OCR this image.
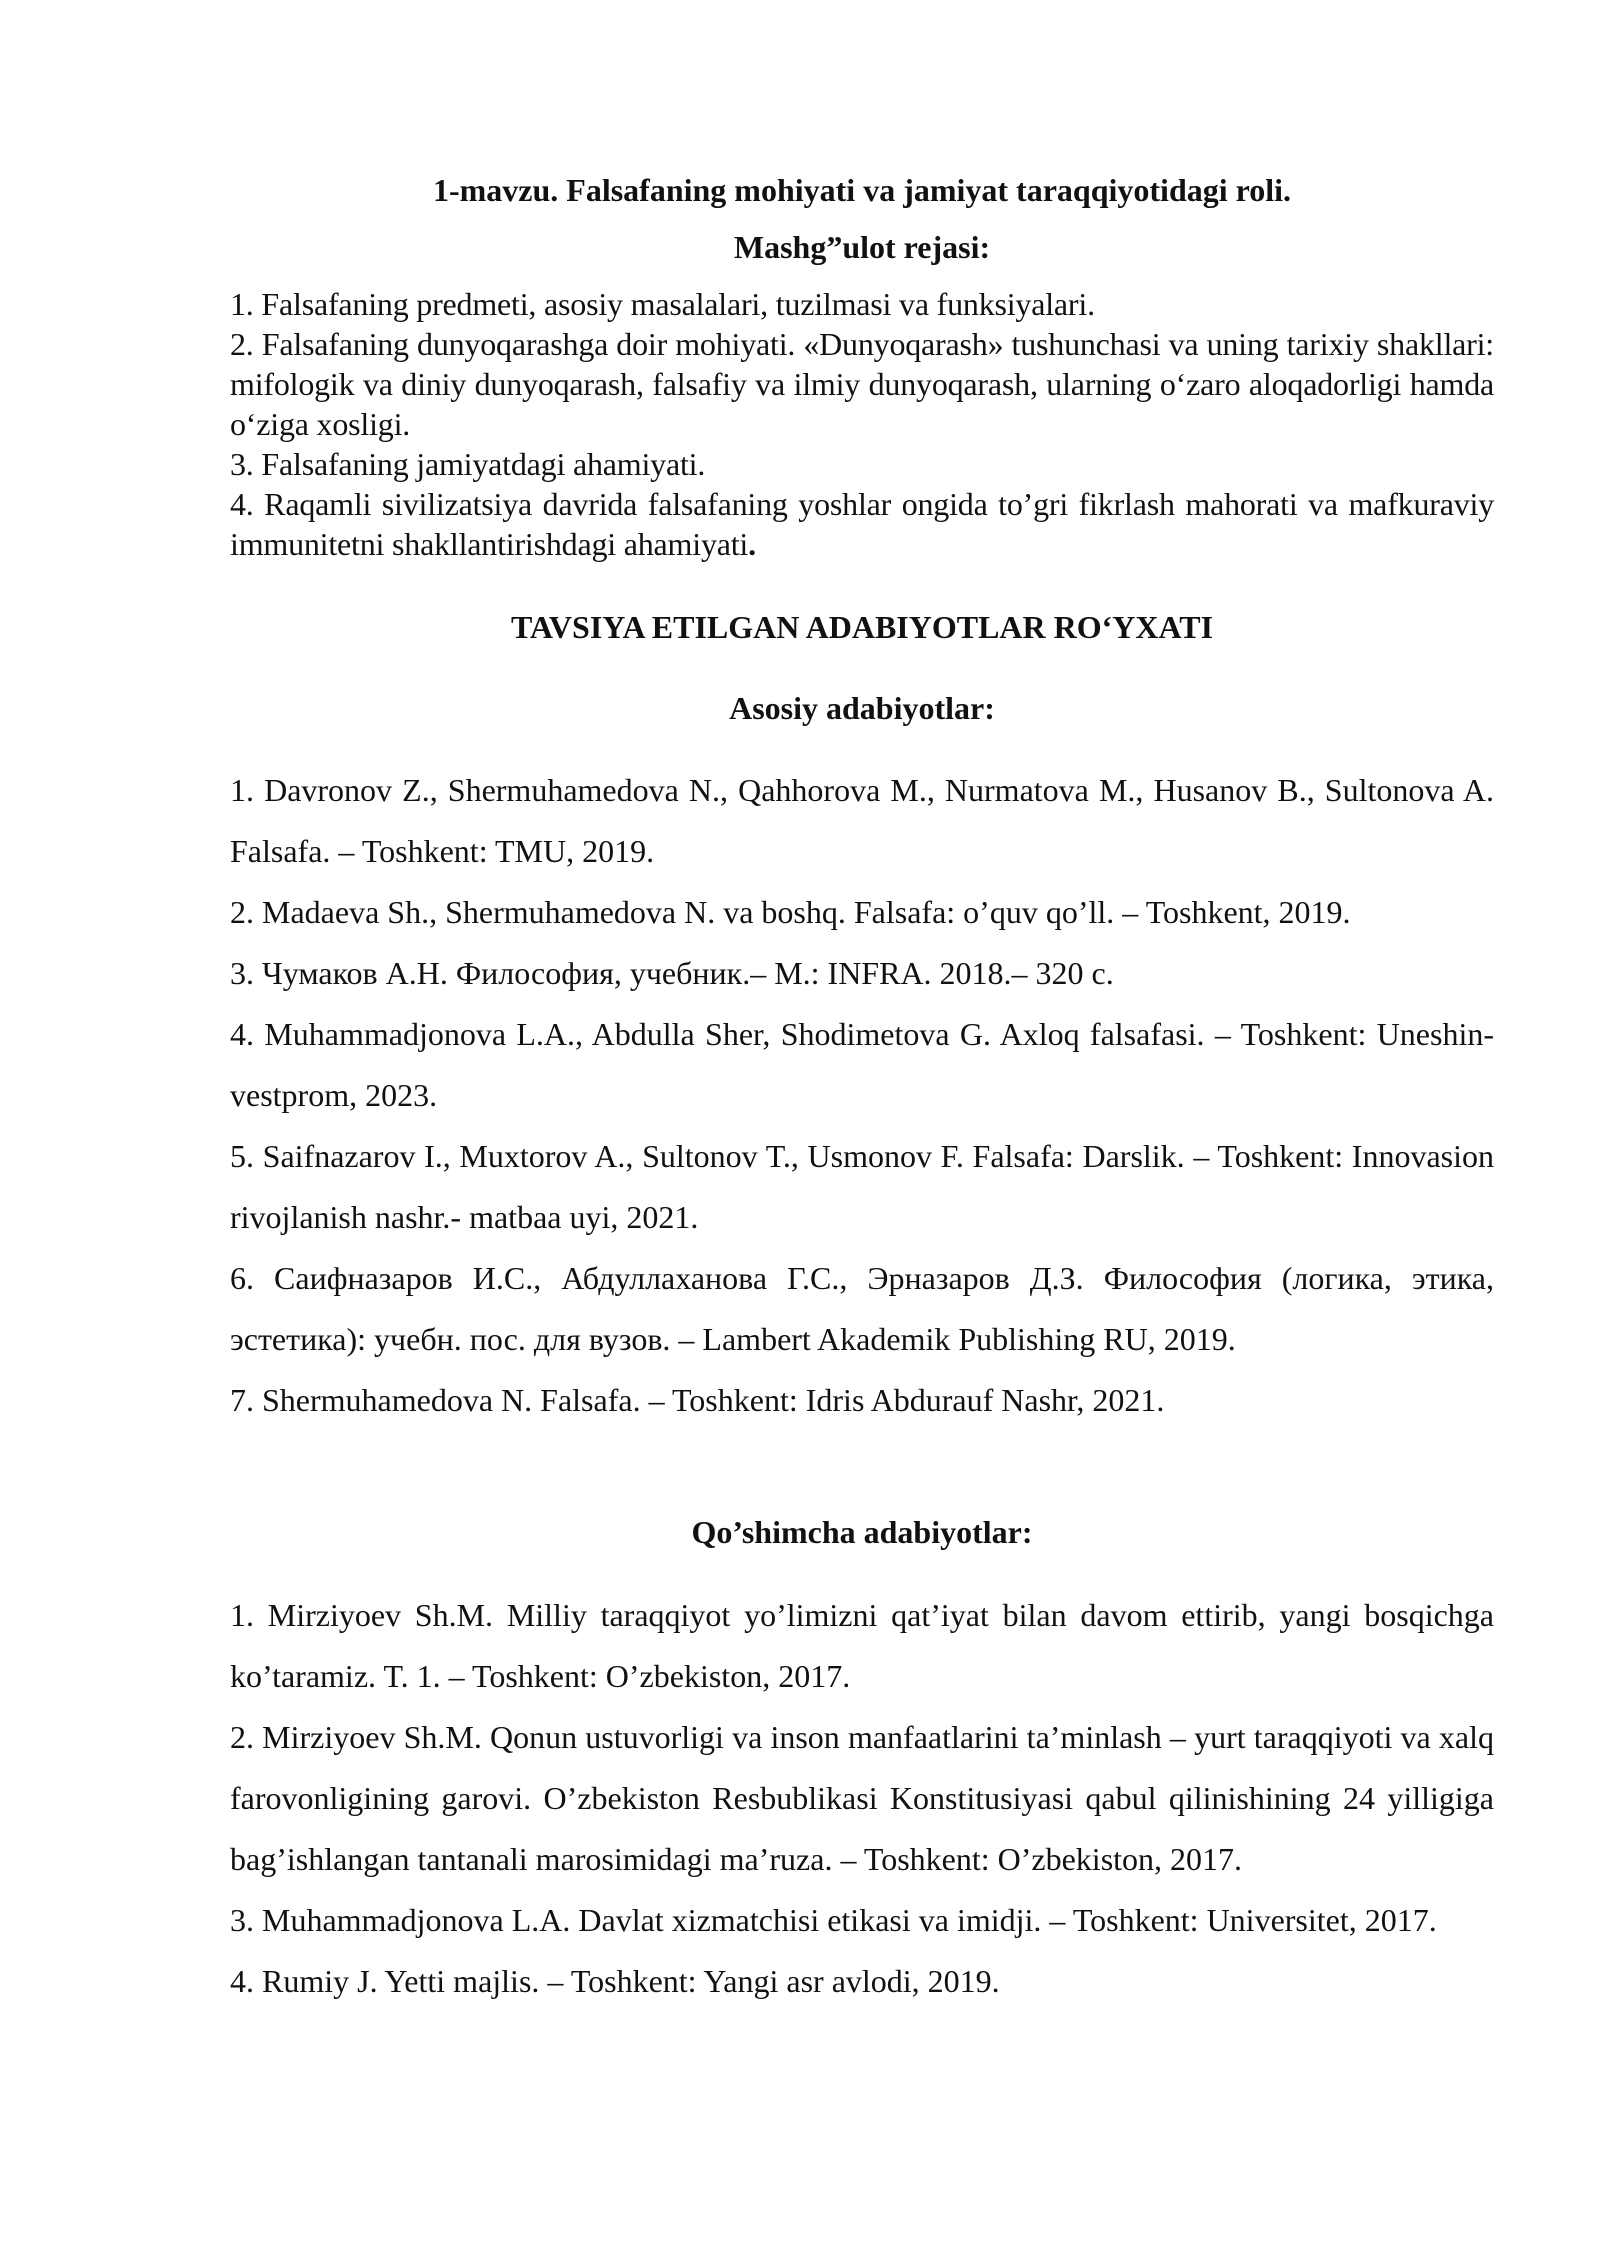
1-mavzu. Falsafaning mohiyati va jamiyat taraqqiyotidagi roli.

Mashg”ulot rejasi:

1. Falsafaning predmeti, asosiy masalalari, tuzilmasi va funksiyalari.
2. Falsafaning dunyoqarashga doir mohiyati. «Dunyoqarash» tushunchasi va uning tarixiy shakllari: mifologik va diniy dunyoqarash, falsafiy va ilmiy dunyoqarash, ularning o‘zaro aloqadorligi hamda o‘ziga xosligi.
3. Falsafaning jamiyatdagi ahamiyati.
4. Raqamli sivilizatsiya davrida falsafaning yoshlar ongida to’gri fikrlash mahorati va mafkuraviy immunitetni shakllantirishdagi ahamiyati.

TAVSIYA ETILGAN ADABIYOTLAR RO‘YXATI

Asosiy adabiyotlar:

1. Davronov Z., Shermuhamedova N., Qahhorova M., Nurmatova M., Husanov B., Sultonova A. Falsafa. – Toshkent: TMU, 2019.
2. Madaeva Sh., Shermuhamedova N. va boshq. Falsafa: o’quv qo’ll. – Toshkent, 2019.
3. Чумаков А.Н. Философия, учебник.– М.: INFRA. 2018.– 320 с.
4. Muhammadjonova L.A., Abdulla Sher, Shodimetova G. Axloq falsafasi. – Toshkent: Uneshin- vestprom, 2023.
5. Saifnazarov I., Muxtorov A., Sultonov T., Usmonov F. Falsafa: Darslik. – Toshkent: Innovasion rivojlanish nashr.- matbaa uyi, 2021.
6. Саифназаров И.С., Абдуллаханова Г.С., Эрназаров Д.З. Философия (логика, этика, эстетика): учебн. пос. для вузов. – Lambert Akademik Publishing RU, 2019.
7. Shermuhamedova N. Falsafa. – Toshkent: Idris Abdurauf Nashr, 2021.

Qo’shimcha adabiyotlar:

1. Mirziyoev Sh.M. Milliy taraqqiyot yo’limizni qat’iyat bilan davom ettirib, yangi bosqichga ko’taramiz. T. 1. – Toshkent: O’zbekiston, 2017.
2. Mirziyoev Sh.M. Qonun ustuvorligi va inson manfaatlarini ta’minlash – yurt taraqqiyoti va xalq farovonligining garovi. O’zbekiston Resbublikasi Konstitusiyasi qabul qilinishining 24 yilligiga bag’ishlangan tantanali marosimidagi ma’ruza. – Toshkent: O’zbekiston, 2017.
3. Muhammadjonova L.A. Davlat xizmatchisi etikasi va imidji. – Toshkent: Universitet, 2017.
4. Rumiy J. Yetti majlis. – Toshkent: Yangi asr avlodi, 2019.
